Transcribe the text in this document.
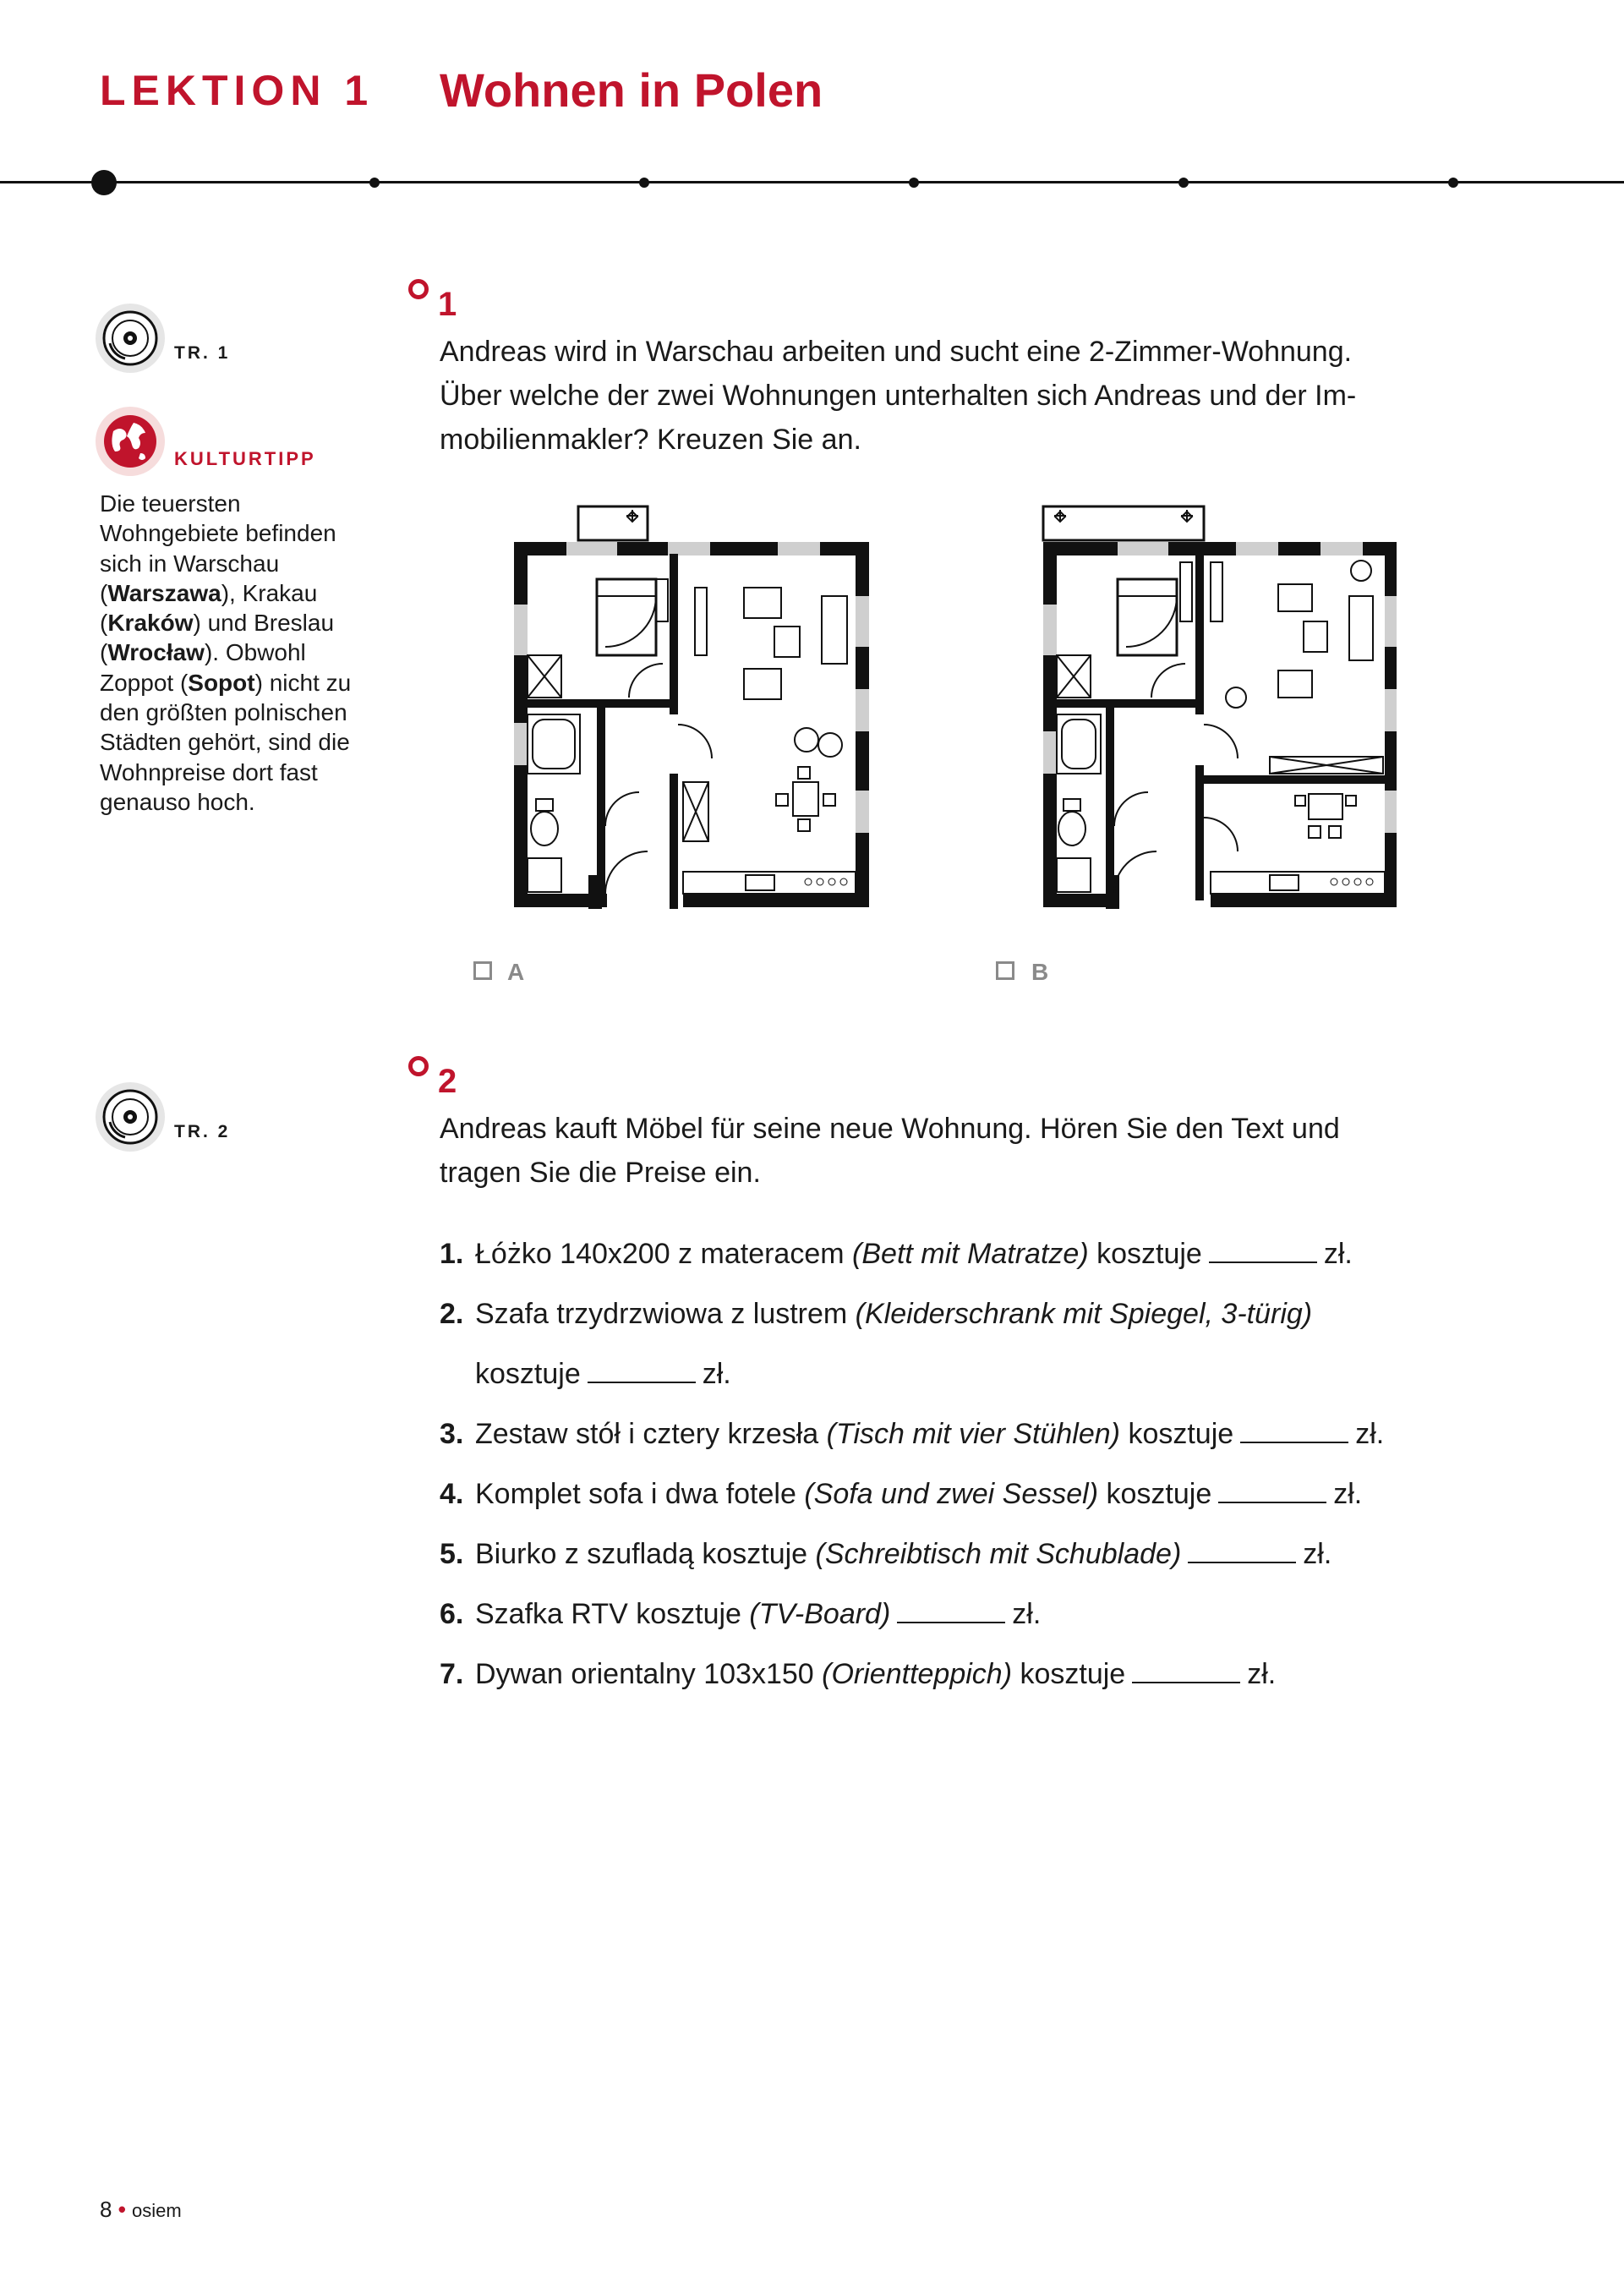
LEKTION 1 Wohnen in Polen
TR. 1
KULTURTIPP
Die teuersten Wohngebiete befinden sich in Warschau (Warszawa), Krakau (Kraków) und Breslau (Wrocław). Obwohl Zoppot (Sopot) nicht zu den größten polnischen Städten gehört, sind die Wohnpreise dort fast genauso hoch.
TR. 2
1
Andreas wird in Warschau arbeiten und sucht eine 2-Zimmer-Wohnung.
Über welche der zwei Wohnungen unterhalten sich Andreas und der Im-
mobilienmakler? Kreuzen Sie an.
A	B
2
Andreas kauft Möbel für seine neue Wohnung. Hören Sie den Text und
tragen Sie die Preise ein.
1. Łóżko 140x200 z materacem (Bett mit Matratze) kosztuje	zł.
2. Szafa trzydrzwiowa z lustrem (Kleiderschrank mit Spiegel, 3-türig)
kosztuje	zł.
3. Zestaw stół i cztery krzesła (Tisch mit vier Stühlen) kosztuje	zł.
4. Komplet sofa i dwa fotele (Sofa und zwei Sessel) kosztuje	zł.
5. Biurko z szufladą kosztuje (Schreibtisch mit Schublade)	zł.
6. Szafka RTV kosztuje (TV-Board)	zł.
7. Dywan orientalny 103x150 (Orientteppich) kosztuje	zł.
8 • osiem
